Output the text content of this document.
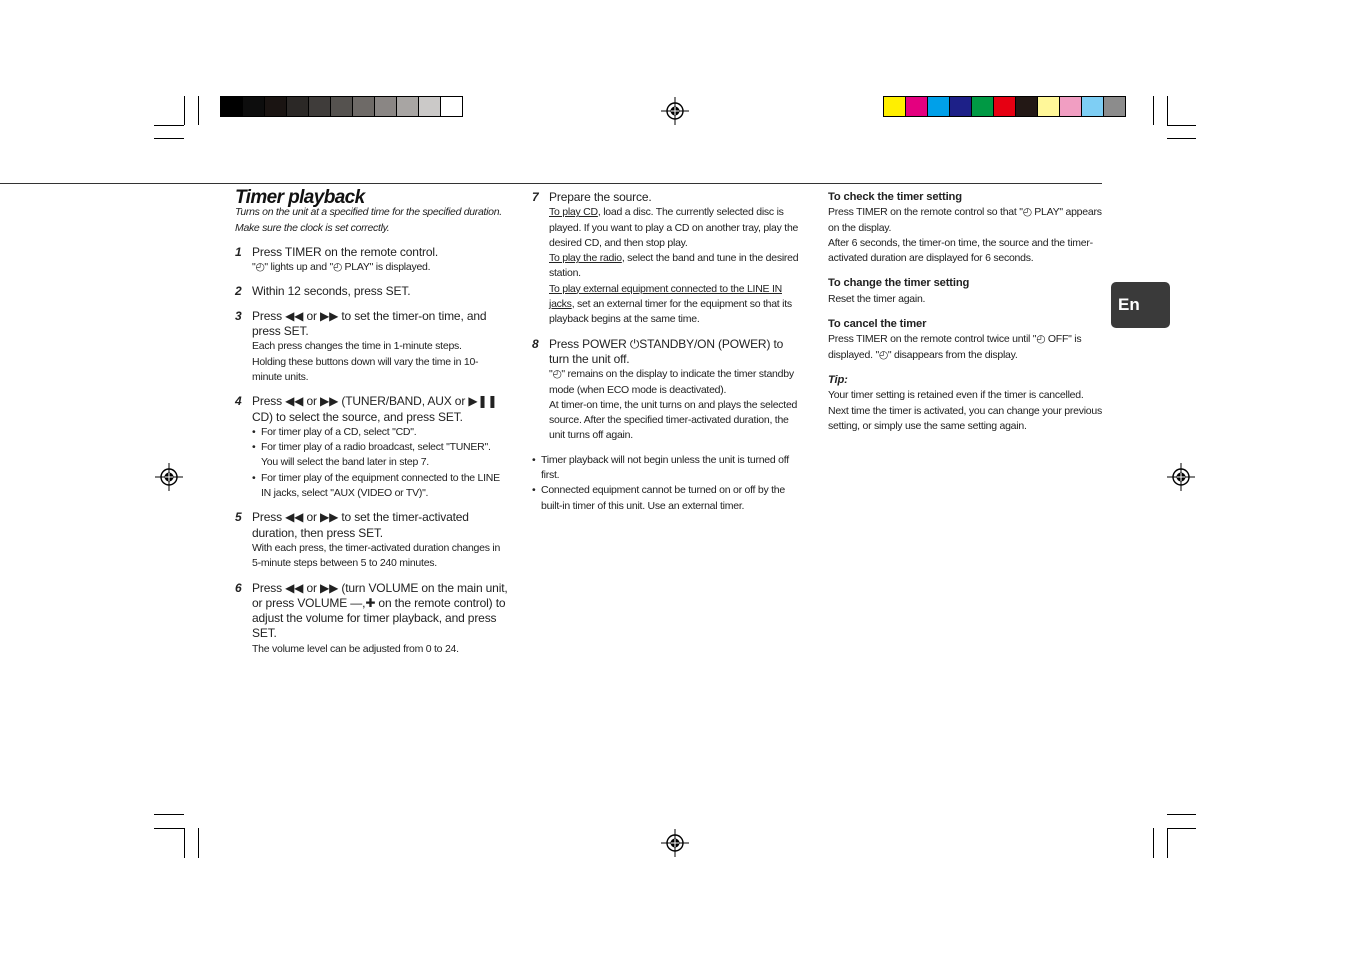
Timer playback

Turns on the unit at a specified time for the specified duration.

Make sure the clock is set correctly.

1 Press TIMER on the remote control.

"◴" lights up and "◴ PLAY" is displayed.

2 Within 12 seconds, press SET.

3 Press ◀◀ or ▶▶ to set the timer-on time, and press SET.

Each press changes the time in 1-minute steps.

Holding these buttons down will vary the time in 10-minute units.

4 Press ◀◀ or ▶▶ (TUNER/BAND, AUX or ▶❚❚ CD) to select the source, and press SET.

• For timer play of a CD, select "CD".
• For timer play of a radio broadcast, select "TUNER". You will select the band later in step 7.
• For timer play of the equipment connected to the LINE IN jacks, select "AUX (VIDEO or TV)".
5 Press ◀◀ or ▶▶ to set the timer-activated duration, then press SET.

With each press, the timer-activated duration changes in 5-minute steps between 5 to 240 minutes.

6 Press ◀◀ or ▶▶ (turn VOLUME on the main unit, or press VOLUME —,✚ on the remote control) to adjust the volume for timer playback, and press SET.

The volume level can be adjusted from 0 to 24.

7 Prepare the source.

To play CD, load a disc. The currently selected disc is played. If you want to play a CD on another tray, play the desired CD, and then stop play.

To play the radio, select the band and tune in the desired station.

To play external equipment connected to the LINE IN jacks, set an external timer for the equipment so that its playback begins at the same time.

8 Press POWER ⏻STANDBY/ON (POWER) to turn the unit off.

"◴" remains on the display to indicate the timer standby mode (when ECO mode is deactivated).

At timer-on time, the unit turns on and plays the selected source. After the specified timer-activated duration, the unit turns off again.

• Timer playback will not begin unless the unit is turned off first.
• Connected equipment cannot be turned on or off by the built-in timer of this unit. Use an external timer.

To check the timer setting

Press TIMER on the remote control so that "◴ PLAY" appears on the display.

After 6 seconds, the timer-on time, the source and the timer-activated duration are displayed for 6 seconds.

To change the timer setting

Reset the timer again.

To cancel the timer

Press TIMER on the remote control twice until "◴ OFF" is displayed. "◴" disappears from the display.

Tip:

Your timer setting is retained even if the timer is cancelled. Next time the timer is activated, you can change your previous setting, or simply use the same setting again.

En
